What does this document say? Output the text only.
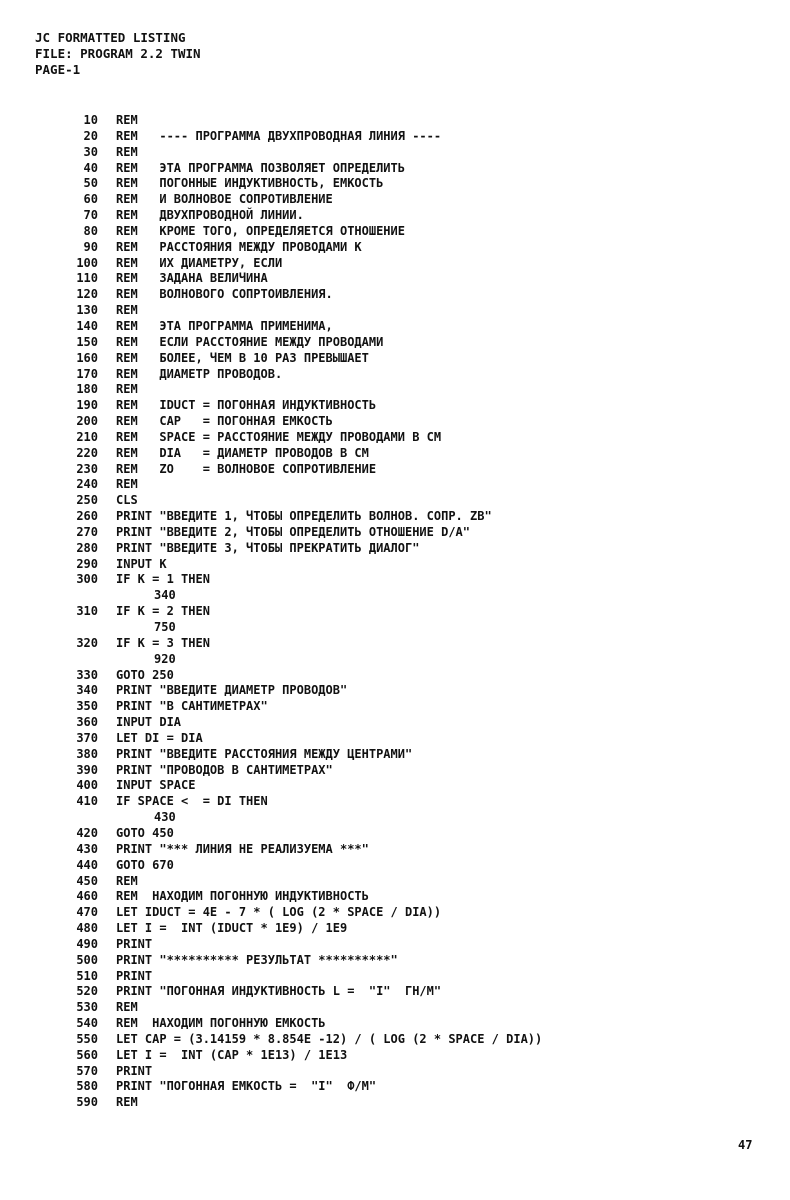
JC FORMATTED LISTING
FILE: PROGRAM 2.2 TWIN
PAGE-1
10 REM
20 REM   ---- ПРОГРАММА ДВУХПРОВОДНАЯ ЛИНИЯ ----
30 REM
40 REM   ЭТА ПРОГРАММА ПОЗВОЛЯЕТ ОПРЕДЕЛИТЬ
50 REM   ПОГОННЫЕ ИНДУКТИВНОСТЬ, ЕМКОСТЬ
60 REM   И ВОЛНОВОЕ СОПРОТИВЛЕНИЕ
70 REM   ДВУХПРОВОДНОЙ ЛИНИИ.
80 REM   КРОМЕ ТОГО, ОПРЕДЕЛЯЕТСЯ ОТНОШЕНИЕ
90 REM   РАССТОЯНИЯ МЕЖДУ ПРОВОДАМИ К
100 REM   ИХ ДИАМЕТРУ, ЕСЛИ
110 REM   ЗАДАНА ВЕЛИЧИНА
120 REM   ВОЛНОВОГО СОПРТОИВЛЕНИЯ.
130 REM
140 REM   ЭТА ПРОГРАММА ПРИМЕНИМА,
150 REM   ЕСЛИ РАССТОЯНИЕ МЕЖДУ ПРОВОДАМИ
160 REM   БОЛЕЕ, ЧЕМ В 10 РАЗ ПРЕВЫШАЕТ
170 REM   ДИАМЕТР ПРОВОДОВ.
180 REM
190 REM   IDUCT = ПОГОННАЯ ИНДУКТИВНОСТЬ
200 REM   CAP   = ПОГОННАЯ ЕМКОСТЬ
210 REM   SPACE = РАССТОЯНИЕ МЕЖДУ ПРОВОДАМИ В СМ
220 REM   DIA   = ДИАМЕТР ПРОВОДОВ В СМ
230 REM   ZO    = ВОЛНОВОЕ СОПРОТИВЛЕНИЕ
240 REM
250 CLS
260 PRINT "ВВЕДИТЕ 1, ЧТОБЫ ОПРЕДЕЛИТЬ ВОЛНОВ. СОПР. ZB"
270 PRINT "ВВЕДИТЕ 2, ЧТОБЫ ОПРЕДЕЛИТЬ ОТНОШЕНИЕ D/A"
280 PRINT "ВВЕДИТЕ 3, ЧТОБЫ ПРЕКРАТИТЬ ДИАЛОГ"
290 INPUT K
300 IF K = 1 THEN
340
310 IF K = 2 THEN
750
320 IF K = 3 THEN
920
330 GOTO 250
340 PRINT "ВВЕДИТЕ ДИАМЕТР ПРОВОДОВ"
350 PRINT "В САНТИМЕТРАХ"
360 INPUT DIA
370 LET DI = DIA
380 PRINT "ВВЕДИТЕ РАССТОЯНИЯ МЕЖДУ ЦЕНТРАМИ"
390 PRINT "ПРОВОДОВ В САНТИМЕТРАХ"
400 INPUT SPACE
410 IF SPACE <  = DI THEN
430
420 GOTO 450
430 PRINT "*** ЛИНИЯ НЕ РЕАЛИЗУЕМА ***"
440 GOTO 670
450 REM
460 REM  НАХОДИМ ПОГОННУЮ ИНДУКТИВНОСТЬ
470 LET IDUCT = 4E - 7 * ( LOG (2 * SPACE / DIA))
480 LET I =  INT (IDUCT * 1E9) / 1E9
490 PRINT
500 PRINT "********** РЕЗУЛЬТАТ **********"
510 PRINT
520 PRINT "ПОГОННАЯ ИНДУКТИВНОСТЬ L =  "I"  ГН/М"
530 REM
540 REM  НАХОДИМ ПОГОННУЮ ЕМКОСТЬ
550 LET CAP = (3.14159 * 8.854E -12) / ( LOG (2 * SPACE / DIA))
560 LET I =  INT (CAP * 1E13) / 1E13
570 PRINT
580 PRINT "ПОГОННАЯ ЕМКОСТЬ =  "I"  Ф/М"
590 REM
47
